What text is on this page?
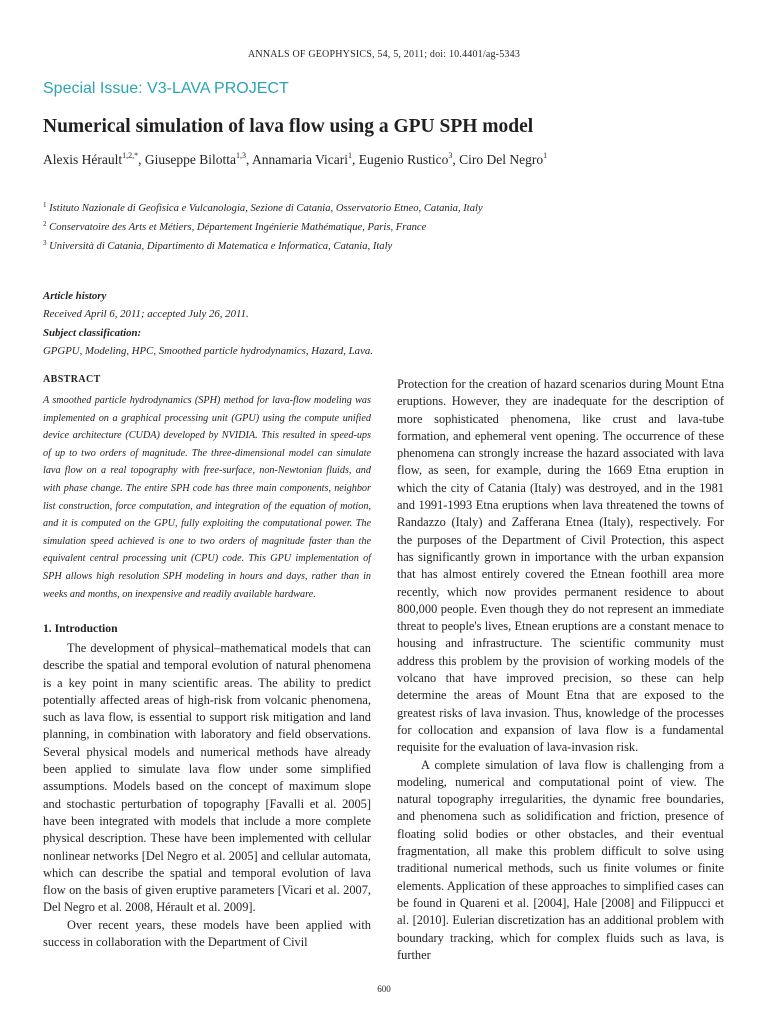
ANNALS OF GEOPHYSICS, 54, 5, 2011; doi: 10.4401/ag-5343
Special Issue: V3-LAVA PROJECT
Numerical simulation of lava flow using a GPU SPH model
Alexis Hérault$^{1,2,*}$, Giuseppe Bilotta$^{1,3}$, Annamaria Vicari$^1$, Eugenio Rustico$^3$, Ciro Del Negro$^1$
$^1$ Istituto Nazionale di Geofisica e Vulcanologia, Sezione di Catania, Osservatorio Etneo, Catania, Italy
$^2$ Conservatoire des Arts et Métiers, Département Ingénierie Mathématique, Paris, France
$^3$ Università di Catania, Dipartimento di Matematica e Informatica, Catania, Italy
Article history
Received April 6, 2011; accepted July 26, 2011.
Subject classification:
GPGPU, Modeling, HPC, Smoothed particle hydrodynamics, Hazard, Lava.
ABSTRACT
A smoothed particle hydrodynamics (SPH) method for lava-flow modeling was implemented on a graphical processing unit (GPU) using the compute unified device architecture (CUDA) developed by NVIDIA. This resulted in speed-ups of up to two orders of magnitude. The three-dimensional model can simulate lava flow on a real topography with free-surface, non-Newtonian fluids, and with phase change. The entire SPH code has three main components, neighbor list construction, force computation, and integration of the equation of motion, and it is computed on the GPU, fully exploiting the computational power. The simulation speed achieved is one to two orders of magnitude faster than the equivalent central processing unit (CPU) code. This GPU implementation of SPH allows high resolution SPH modeling in hours and days, rather than in weeks and months, on inexpensive and readily available hardware.
1. Introduction

The development of physical–mathematical models that can describe the spatial and temporal evolution of natural phenomena is a key point in many scientific areas. The ability to predict potentially affected areas of high-risk from volcanic phenomena, such as lava flow, is essential to support risk mitigation and land planning, in combination with laboratory and field observations. Several physical models and numerical methods have already been applied to simulate lava flow under some simplified assumptions. Models based on the concept of maximum slope and stochastic perturbation of topography [Favalli et al. 2005] have been integrated with models that include a more complete physical description. These have been implemented with cellular nonlinear networks [Del Negro et al. 2005] and cellular automata, which can describe the spatial and temporal evolution of lava flow on the basis of given eruptive parameters [Vicari et al. 2007, Del Negro et al. 2008, Hérault et al. 2009].

Over recent years, these models have been applied with success in collaboration with the Department of Civil

Protection for the creation of hazard scenarios during Mount Etna eruptions. However, they are inadequate for the description of more sophisticated phenomena, like crust and lava-tube formation, and ephemeral vent opening. The occurrence of these phenomena can strongly increase the hazard associated with lava flow, as seen, for example, during the 1669 Etna eruption in which the city of Catania (Italy) was destroyed, and in the 1981 and 1991-1993 Etna eruptions when lava threatened the towns of Randazzo (Italy) and Zafferana Etnea (Italy), respectively. For the purposes of the Department of Civil Protection, this aspect has significantly grown in importance with the urban expansion that has almost entirely covered the Etnean foothill area more recently, which now provides permanent residence to about 800,000 people. Even though they do not represent an immediate threat to people's lives, Etnean eruptions are a constant menace to housing and infrastructure. The scientific community must address this problem by the provision of working models of the volcano that have improved precision, so these can help determine the areas of Mount Etna that are exposed to the greatest risks of lava invasion. Thus, knowledge of the processes for collocation and expansion of lava flow is a fundamental requisite for the evaluation of lava-invasion risk.

A complete simulation of lava flow is challenging from a modeling, numerical and computational point of view. The natural topography irregularities, the dynamic free boundaries, and phenomena such as solidification and friction, presence of floating solid bodies or other obstacles, and their eventual fragmentation, all make this problem difficult to solve using traditional numerical methods, such us finite volumes or finite elements. Application of these approaches to simplified cases can be found in Quareni et al. [2004], Hale [2008] and Filippucci et al. [2010]. Eulerian discretization has an additional problem with boundary tracking, which for complex fluids such as lava, is further

600
